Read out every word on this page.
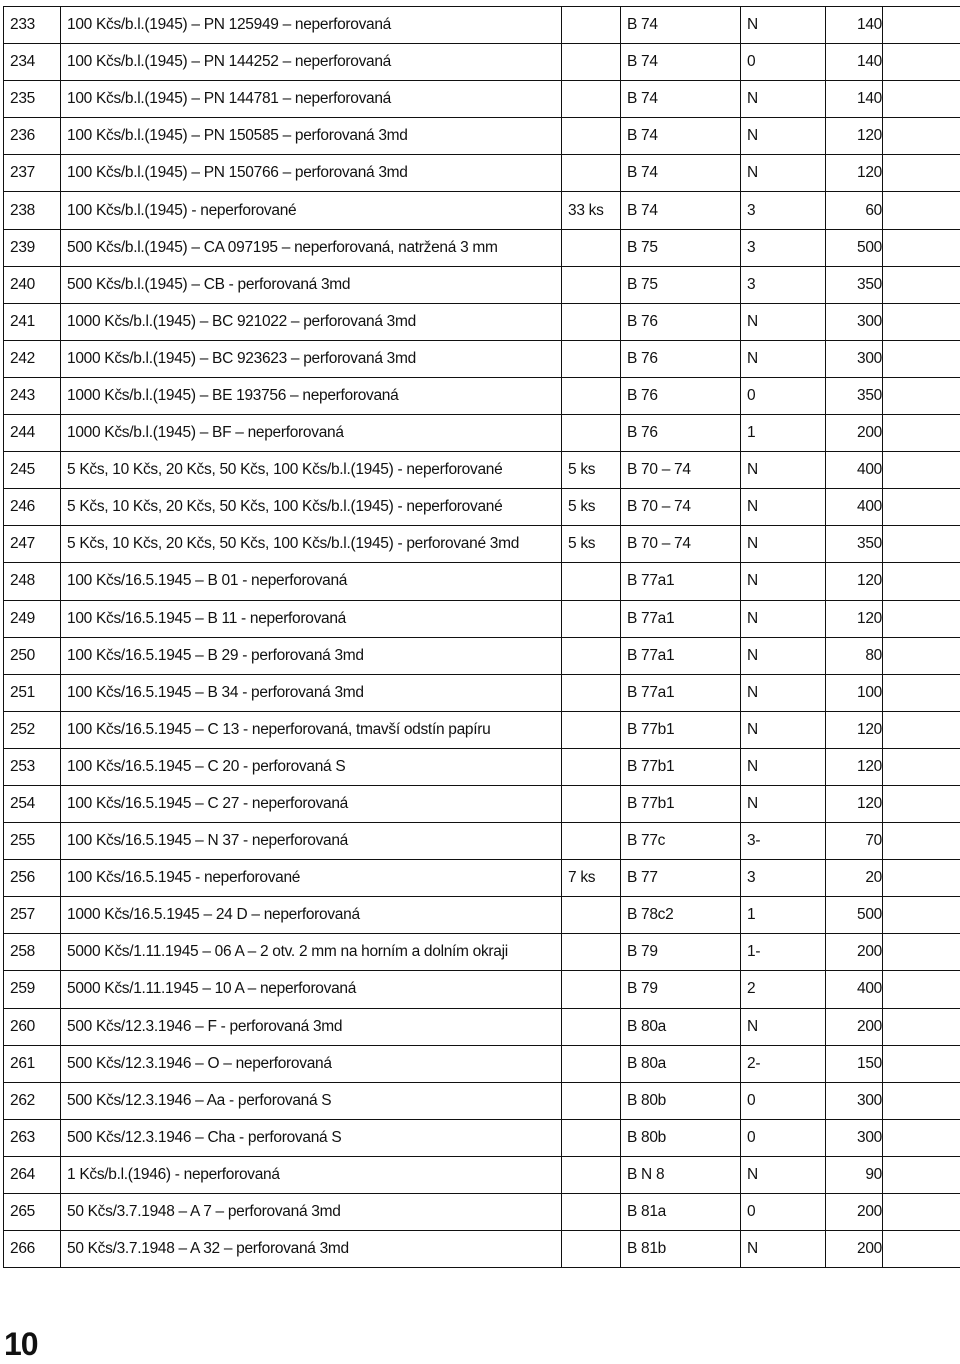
233	100 Kčs/b.l.(1945) – PN 125949 – neperforovaná		B 74	N	140	
234	100 Kčs/b.l.(1945) – PN 144252 – neperforovaná		B 74	0	140	
235	100 Kčs/b.l.(1945) – PN 144781 – neperforovaná		B 74	N	140	
236	100 Kčs/b.l.(1945) – PN 150585 – perforovaná 3md		B 74	N	120	
237	100 Kčs/b.l.(1945) – PN 150766 – perforovaná 3md		B 74	N	120	
238	100 Kčs/b.l.(1945) - neperforované	33 ks	B 74	3	60	
239	500 Kčs/b.l.(1945) – CA 097195 – neperforovaná, natržená 3 mm		B 75	3	500	
240	500 Kčs/b.l.(1945) – CB - perforovaná 3md		B 75	3	350	
241	1000 Kčs/b.l.(1945) – BC 921022 – perforovaná 3md		B 76	N	300	
242	1000 Kčs/b.l.(1945) – BC 923623 – perforovaná 3md		B 76	N	300	
243	1000 Kčs/b.l.(1945) – BE 193756 – neperforovaná		B 76	0	350	
244	1000 Kčs/b.l.(1945) – BF – neperforovaná		B 76	1	200	
245	5 Kčs, 10 Kčs, 20 Kčs, 50 Kčs, 100 Kčs/b.l.(1945) - neperforované	5 ks	B 70 – 74	N	400	
246	5 Kčs, 10 Kčs, 20 Kčs, 50 Kčs, 100 Kčs/b.l.(1945) - neperforované	5 ks	B 70 – 74	N	400	
247	5 Kčs, 10 Kčs, 20 Kčs, 50 Kčs, 100 Kčs/b.l.(1945) - perforované 3md	5 ks	B 70 – 74	N	350	
248	100 Kčs/16.5.1945 – B 01 - neperforovaná		B 77a1	N	120	
249	100 Kčs/16.5.1945 – B 11 - neperforovaná		B 77a1	N	120	
250	100 Kčs/16.5.1945 – B 29 - perforovaná 3md		B 77a1	N	80	
251	100 Kčs/16.5.1945 – B 34 - perforovaná 3md		B 77a1	N	100	
252	100 Kčs/16.5.1945 – C 13 - neperforovaná, tmavší odstín papíru		B 77b1	N	120	
253	100 Kčs/16.5.1945 – C 20 - perforovaná S		B 77b1	N	120	
254	100 Kčs/16.5.1945 – C 27 - neperforovaná		B 77b1	N	120	
255	100 Kčs/16.5.1945 – N 37 - neperforovaná		B 77c	3-	70	
256	100 Kčs/16.5.1945 - neperforované	7 ks	B 77	3	20	
257	1000 Kčs/16.5.1945 – 24 D – neperforovaná		B 78c2	1	500	
258	5000 Kčs/1.11.1945 – 06 A – 2 otv. 2 mm na horním a dolním okraji		B 79	1-	200	
259	5000 Kčs/1.11.1945 – 10 A – neperforovaná		B 79	2	400	
260	500 Kčs/12.3.1946 – F - perforovaná 3md		B 80a	N	200	
261	500 Kčs/12.3.1946 – O – neperforovaná		B 80a	2-	150	
262	500 Kčs/12.3.1946 – Aa - perforovaná S		B 80b	0	300	
263	500 Kčs/12.3.1946 – Cha - perforovaná S		B 80b	0	300	
264	1 Kčs/b.l.(1946) - neperforovaná		B N 8	N	90	
265	50 Kčs/3.7.1948 – A 7 – perforovaná 3md		B 81a	0	200	
266	50 Kčs/3.7.1948 – A 32 – perforovaná 3md		B 81b	N	200	
10
